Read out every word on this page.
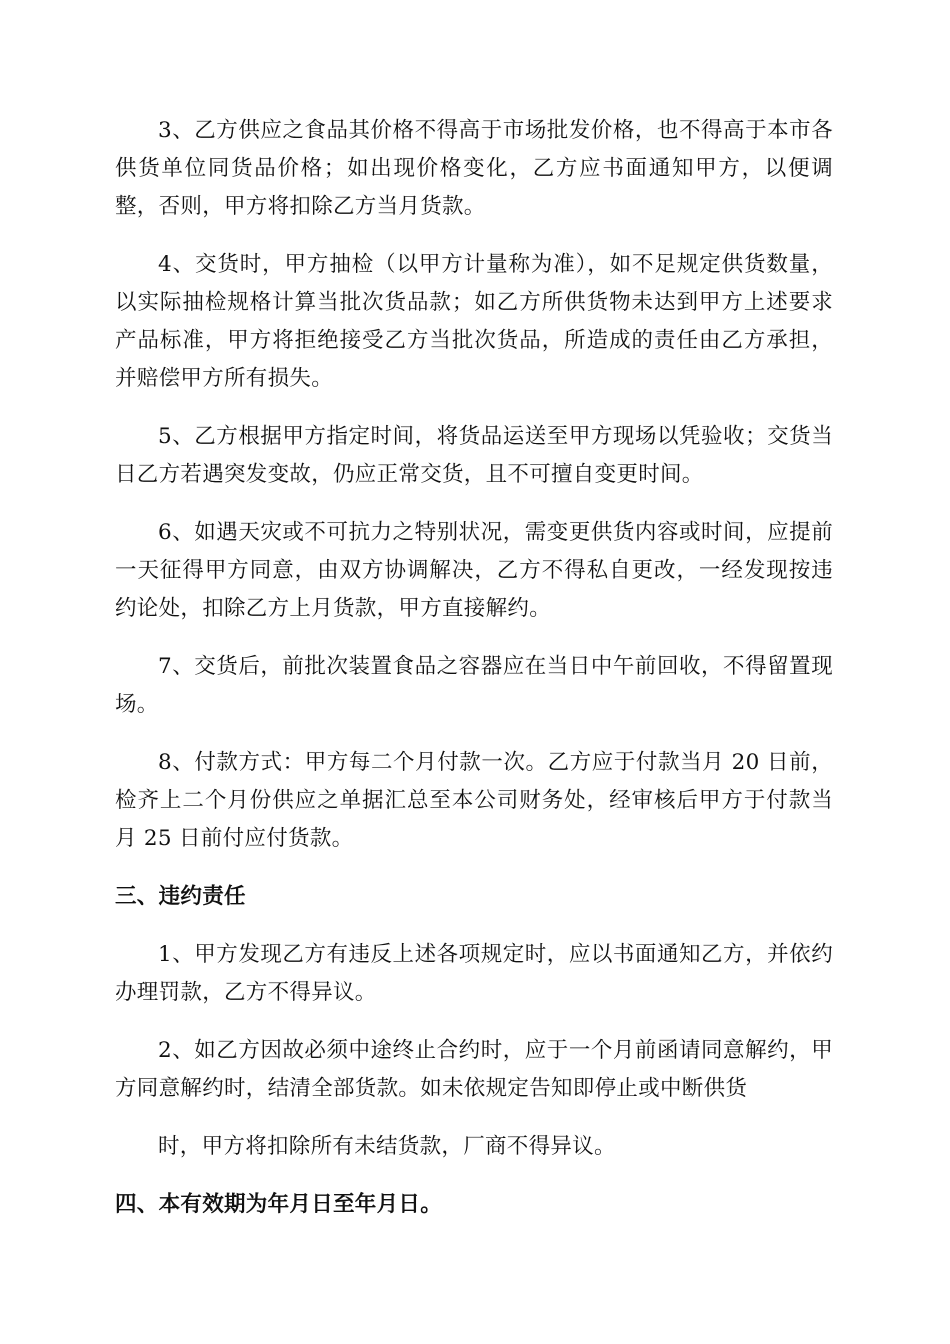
3、乙方供应之食品其价格不得高于市场批发价格，也不得高于本市各供货单位同货品价格；如出现价格变化，乙方应书面通知甲方，以便调整，否则，甲方将扣除乙方当月货款。

4、交货时，甲方抽检（以甲方计量称为准），如不足规定供货数量，以实际抽检规格计算当批次货品款；如乙方所供货物未达到甲方上述要求产品标准，甲方将拒绝接受乙方当批次货品，所造成的责任由乙方承担，并赔偿甲方所有损失。

5、乙方根据甲方指定时间，将货品运送至甲方现场以凭验收；交货当日乙方若遇突发变故，仍应正常交货，且不可擅自变更时间。

6、如遇天灾或不可抗力之特别状况，需变更供货内容或时间，应提前一天征得甲方同意，由双方协调解决，乙方不得私自更改，一经发现按违约论处，扣除乙方上月货款，甲方直接解约。

7、交货后，前批次装置食品之容器应在当日中午前回收，不得留置现场。

8、付款方式：甲方每二个月付款一次。乙方应于付款当月 20 日前，检齐上二个月份供应之单据汇总至本公司财务处，经审核后甲方于付款当月 25 日前付应付货款。

三、违约责任

1、甲方发现乙方有违反上述各项规定时，应以书面通知乙方，并依约办理罚款，乙方不得异议。

2、如乙方因故必须中途终止合约时，应于一个月前函请同意解约，甲方同意解约时，结清全部货款。如未依规定告知即停止或中断供货

时，甲方将扣除所有未结货款，厂商不得异议。

四、本有效期为年月日至年月日。
